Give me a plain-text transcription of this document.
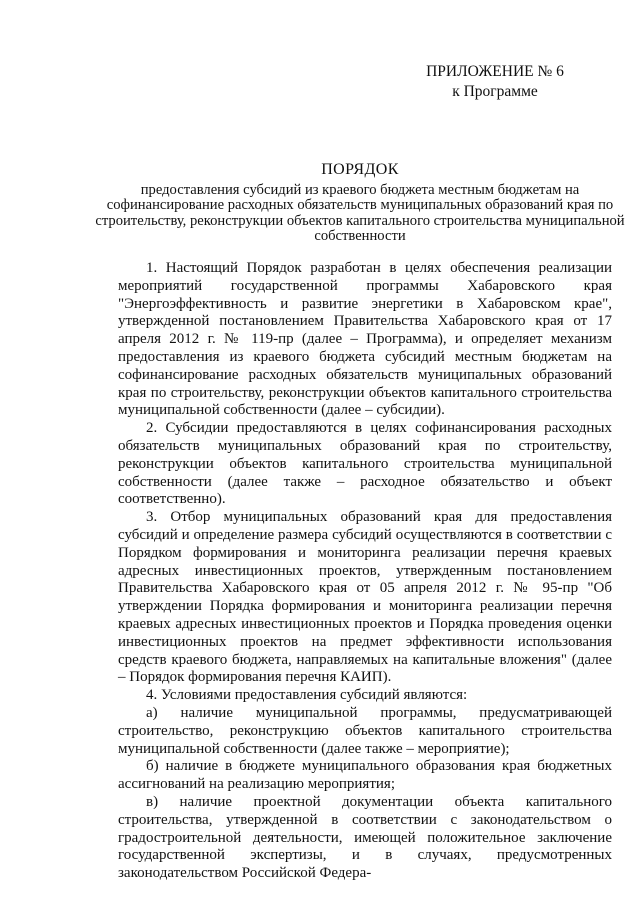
ПРИЛОЖЕНИЕ № 6
к Программе
ПОРЯДОК
предоставления субсидий из краевого бюджета местным бюджетам на софинансирование расходных обязательств муниципальных образований края по строительству, реконструкции объектов капитального строительства муниципальной собственности

1. Настоящий Порядок разработан в целях обеспечения реализации мероприятий государственной программы Хабаровского края "Энергоэффективность и развитие энергетики в Хабаровском крае", утвержденной постановлением Правительства Хабаровского края от 17 апреля 2012 г. № 119-пр (далее – Программа), и определяет механизм предоставления из краевого бюджета субсидий местным бюджетам на софинансирование расходных обязательств муниципальных образований края по строительству, реконструкции объектов капитального строительства муниципальной собственности (далее – субсидии).

2. Субсидии предоставляются в целях софинансирования расходных обязательств муниципальных образований края по строительству, реконструкции объектов капитального строительства муниципальной собственности (далее также – расходное обязательство и объект соответственно).

3. Отбор муниципальных образований края для предоставления субсидий и определение размера субсидий осуществляются в соответствии с Порядком формирования и мониторинга реализации перечня краевых адресных инвестиционных проектов, утвержденным постановлением Правительства Хабаровского края от 05 апреля 2012 г. № 95-пр "Об утверждении Порядка формирования и мониторинга реализации перечня краевых адресных инвестиционных проектов и Порядка проведения оценки инвестиционных проектов на предмет эффективности использования средств краевого бюджета, направляемых на капитальные вложения" (далее – Порядок формирования перечня КАИП).

4. Условиями предоставления субсидий являются:

а) наличие муниципальной программы, предусматривающей строительство, реконструкцию объектов капитального строительства муниципальной собственности (далее также – мероприятие);

б) наличие в бюджете муниципального образования края бюджетных ассигнований на реализацию мероприятия;

в) наличие проектной документации объекта капитального строительства, утвержденной в соответствии с законодательством о градостроительной деятельности, имеющей положительное заключение государственной экспертизы, и в случаях, предусмотренных законодательством Российской Федера-
